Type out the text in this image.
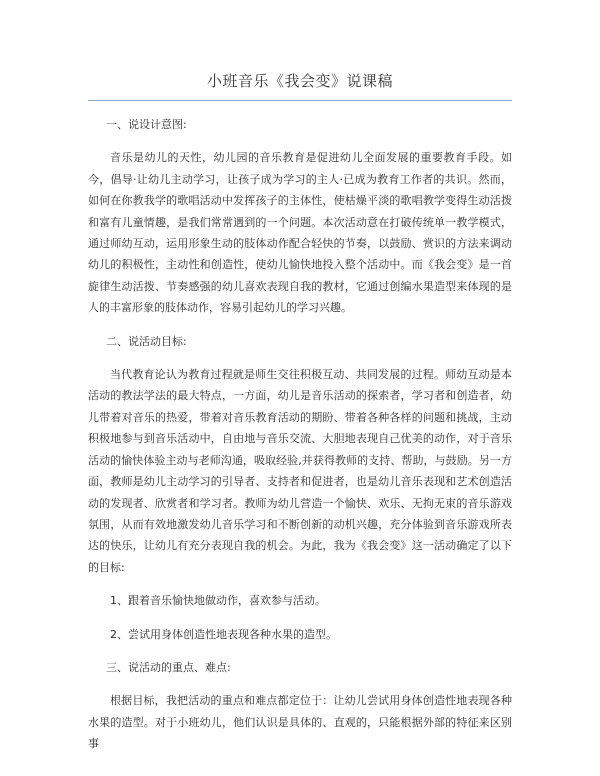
小班音乐《我会变》说课稿
一、说设计意图:
音乐是幼儿的天性，幼儿园的音乐教育是促进幼儿全面发展的重要教育手段。如今，倡导·让幼儿主动学习，让孩子成为学习的主人·已成为教育工作者的共识。然而，如何在你教我学的歌唱活动中发挥孩子的主体性，使枯燥平淡的歌唱教学变得生动活拨和富有儿童情趣，是我们常常遇到的一个问题。本次活动意在打破传统单一教学模式，通过师幼互动，运用形象生动的肢体动作配合轻快的节奏，以鼓励、赏识的方法来调动幼儿的积极性，主动性和创造性，使幼儿愉快地投入整个活动中。而《我会变》是一首旋律生动活拨、节奏感强的幼儿喜欢表现自我的教材，它通过创编水果造型来体现的是人的丰富形象的肢体动作，容易引起幼儿的学习兴趣。
二、说活动目标:
当代教育论认为教育过程就是师生交往积极互动、共同发展的过程。师幼互动是本活动的教法学法的最大特点，一方面，幼儿是音乐活动的探索者，学习者和创造者，幼儿带着对音乐的热爱，带着对音乐教育活动的期盼、带着各种各样的问题和挑战，主动积极地参与到音乐活动中，自由地与音乐交流、大胆地表现自己优美的动作，对于音乐活动的愉快体验主动与老师沟通，吸取经验,并获得教师的支持、帮助，与鼓励。另一方面，教师是幼儿主动学习的引导者、支持者和促进者，也是幼儿音乐表现和艺术创造活动的发现者、欣赏者和学习者。教师为幼儿营造一个愉快、欢乐、无拘无束的音乐游戏氛围，从而有效地激发幼儿音乐学习和不断创新的动机兴趣，充分体验到音乐游戏所表达的快乐，让幼儿有充分表现自我的机会。为此，我为《我会变》这一活动确定了以下的目标:
1、跟着音乐愉快地做动作，喜欢参与活动。
2、尝试用身体创造性地表现各种水果的造型。
三、说活动的重点、难点:
根据目标，我把活动的重点和难点都定位于：让幼儿尝试用身体创造性地表现各种水果的造型。对于小班幼儿，他们认识是具体的、直观的，只能根据外部的特征来区别事
